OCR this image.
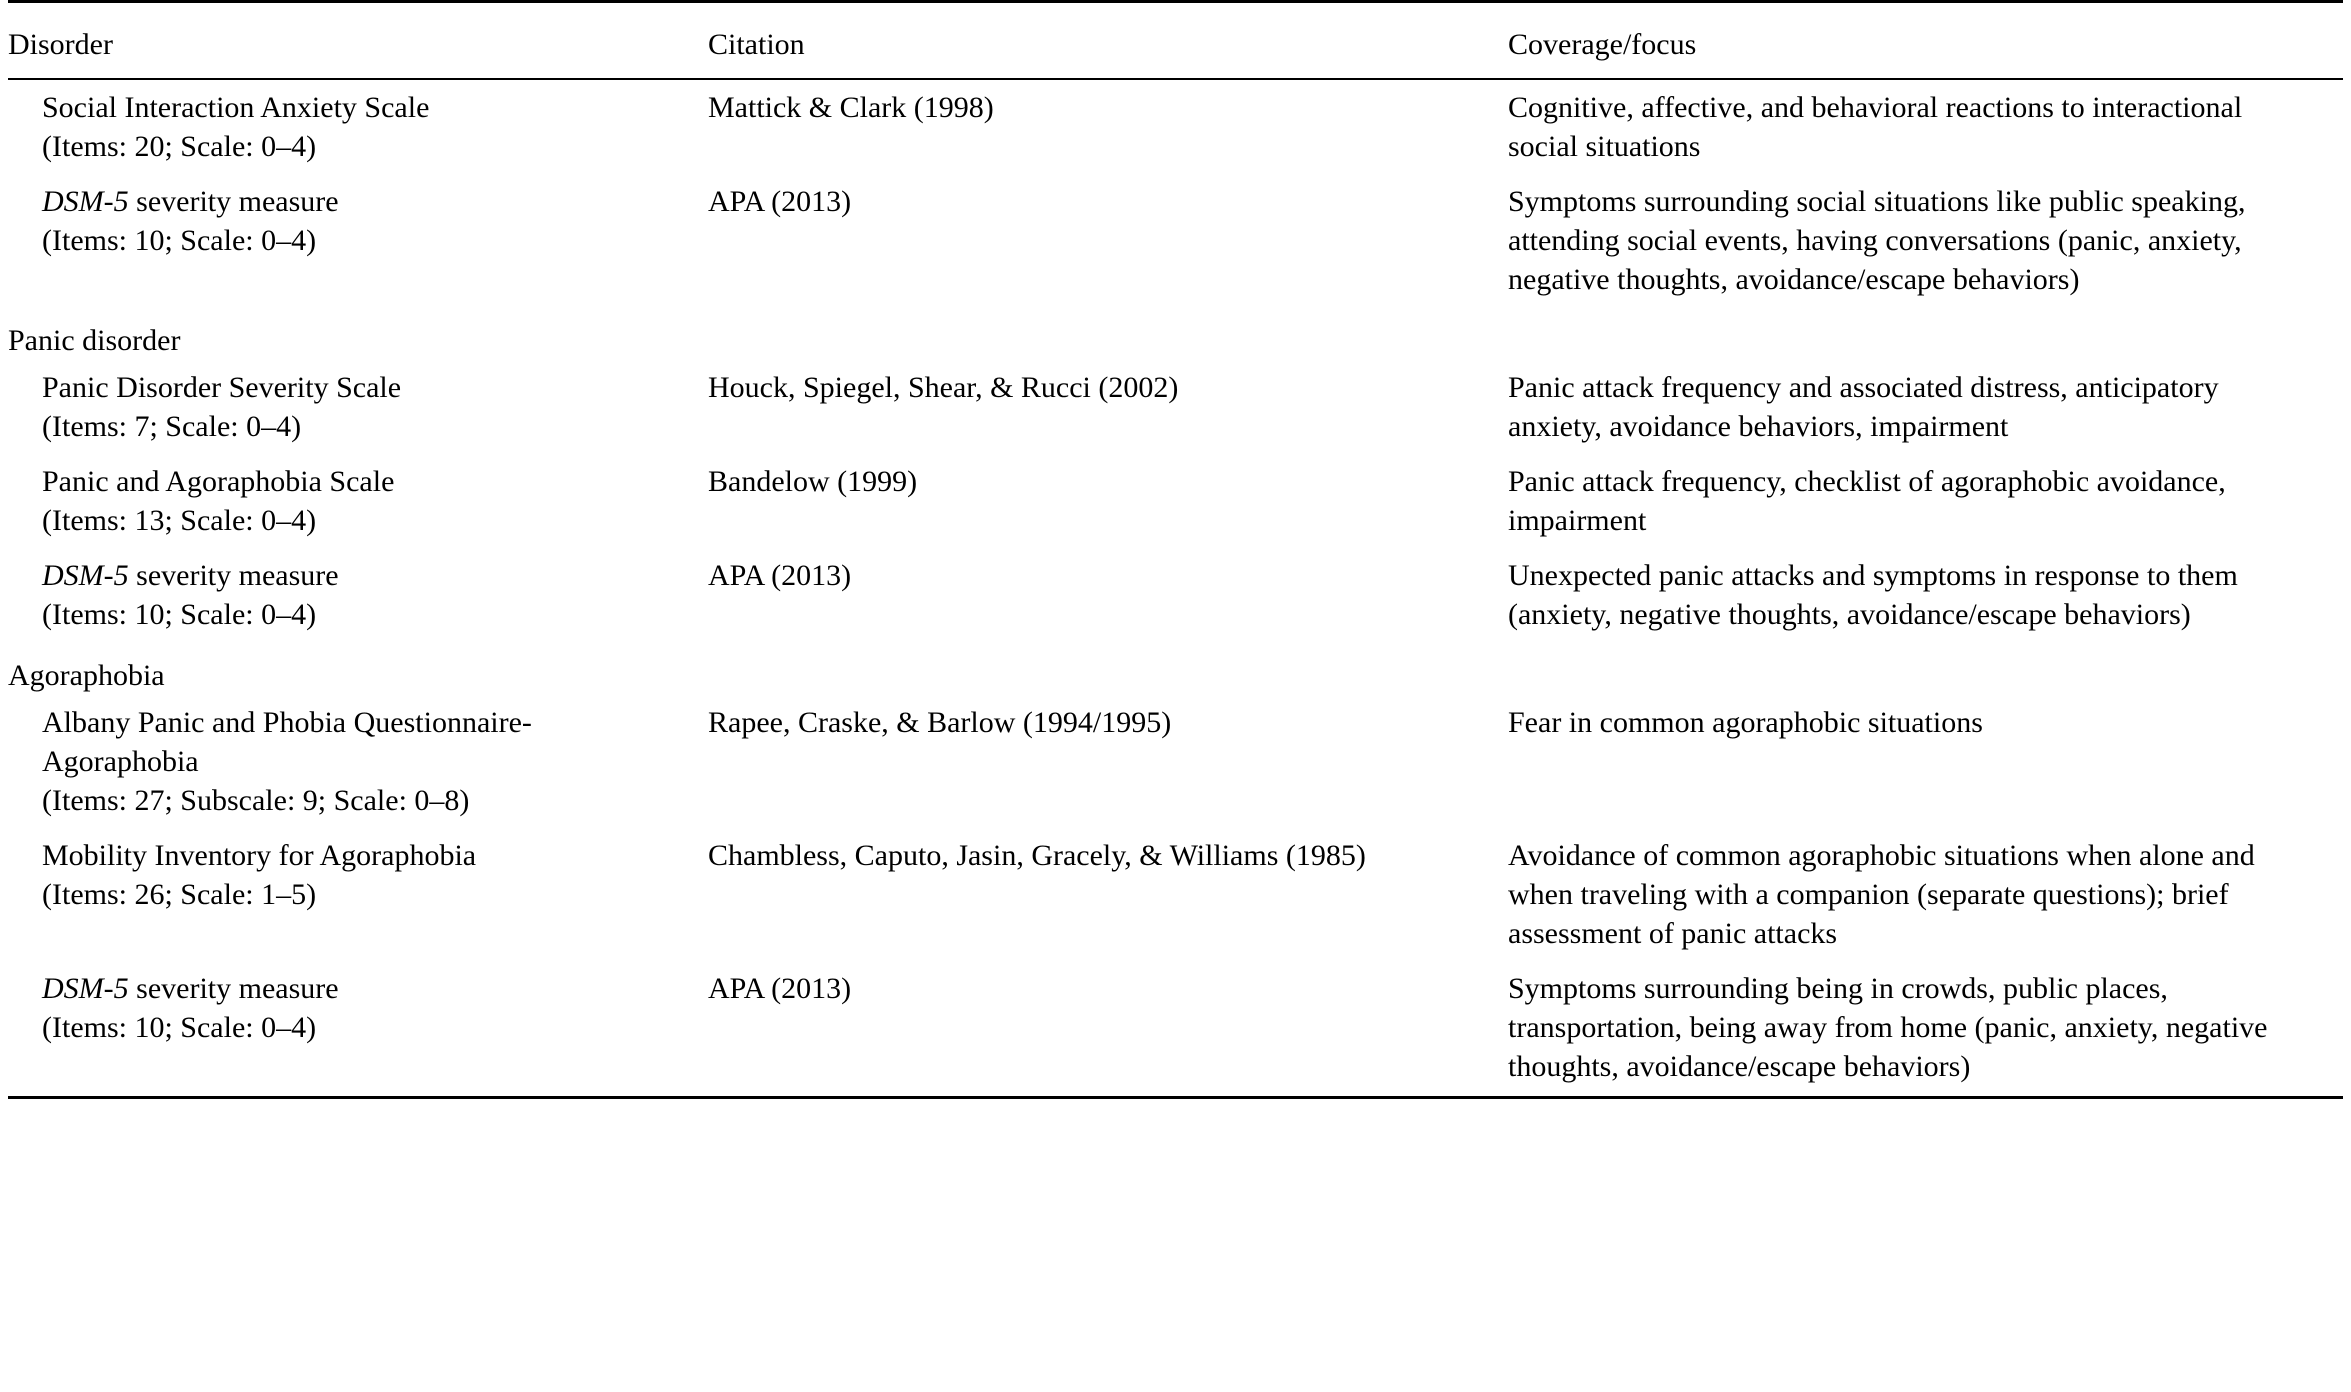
Disorder	Citation	Coverage/focus
Social Interaction Anxiety Scale
(Items: 20; Scale: 0–4)	Mattick & Clark (1998)	Cognitive, affective, and behavioral reactions to interactional social situations
DSM-5 severity measure
(Items: 10; Scale: 0–4)	APA (2013)	Symptoms surrounding social situations like public speaking, attending social events, having conversations (panic, anxiety, negative thoughts, avoidance/escape behaviors)
Panic disorder		
Panic Disorder Severity Scale
(Items: 7; Scale: 0–4)	Houck, Spiegel, Shear, & Rucci (2002)	Panic attack frequency and associated distress, anticipatory anxiety, avoidance behaviors, impairment
Panic and Agoraphobia Scale
(Items: 13; Scale: 0–4)	Bandelow (1999)	Panic attack frequency, checklist of agoraphobic avoidance, impairment
DSM-5 severity measure
(Items: 10; Scale: 0–4)	APA (2013)	Unexpected panic attacks and symptoms in response to them (anxiety, negative thoughts, avoidance/escape behaviors)
Agoraphobia		
Albany Panic and Phobia Questionnaire-Agoraphobia
(Items: 27; Subscale: 9; Scale: 0–8)	Rapee, Craske, & Barlow (1994/1995)	Fear in common agoraphobic situations
Mobility Inventory for Agoraphobia
(Items: 26; Scale: 1–5)	Chambless, Caputo, Jasin, Gracely, & Williams (1985)	Avoidance of common agoraphobic situations when alone and when traveling with a companion (separate questions); brief assessment of panic attacks
DSM-5 severity measure
(Items: 10; Scale: 0–4)	APA (2013)	Symptoms surrounding being in crowds, public places, transportation, being away from home (panic, anxiety, negative thoughts, avoidance/escape behaviors)
